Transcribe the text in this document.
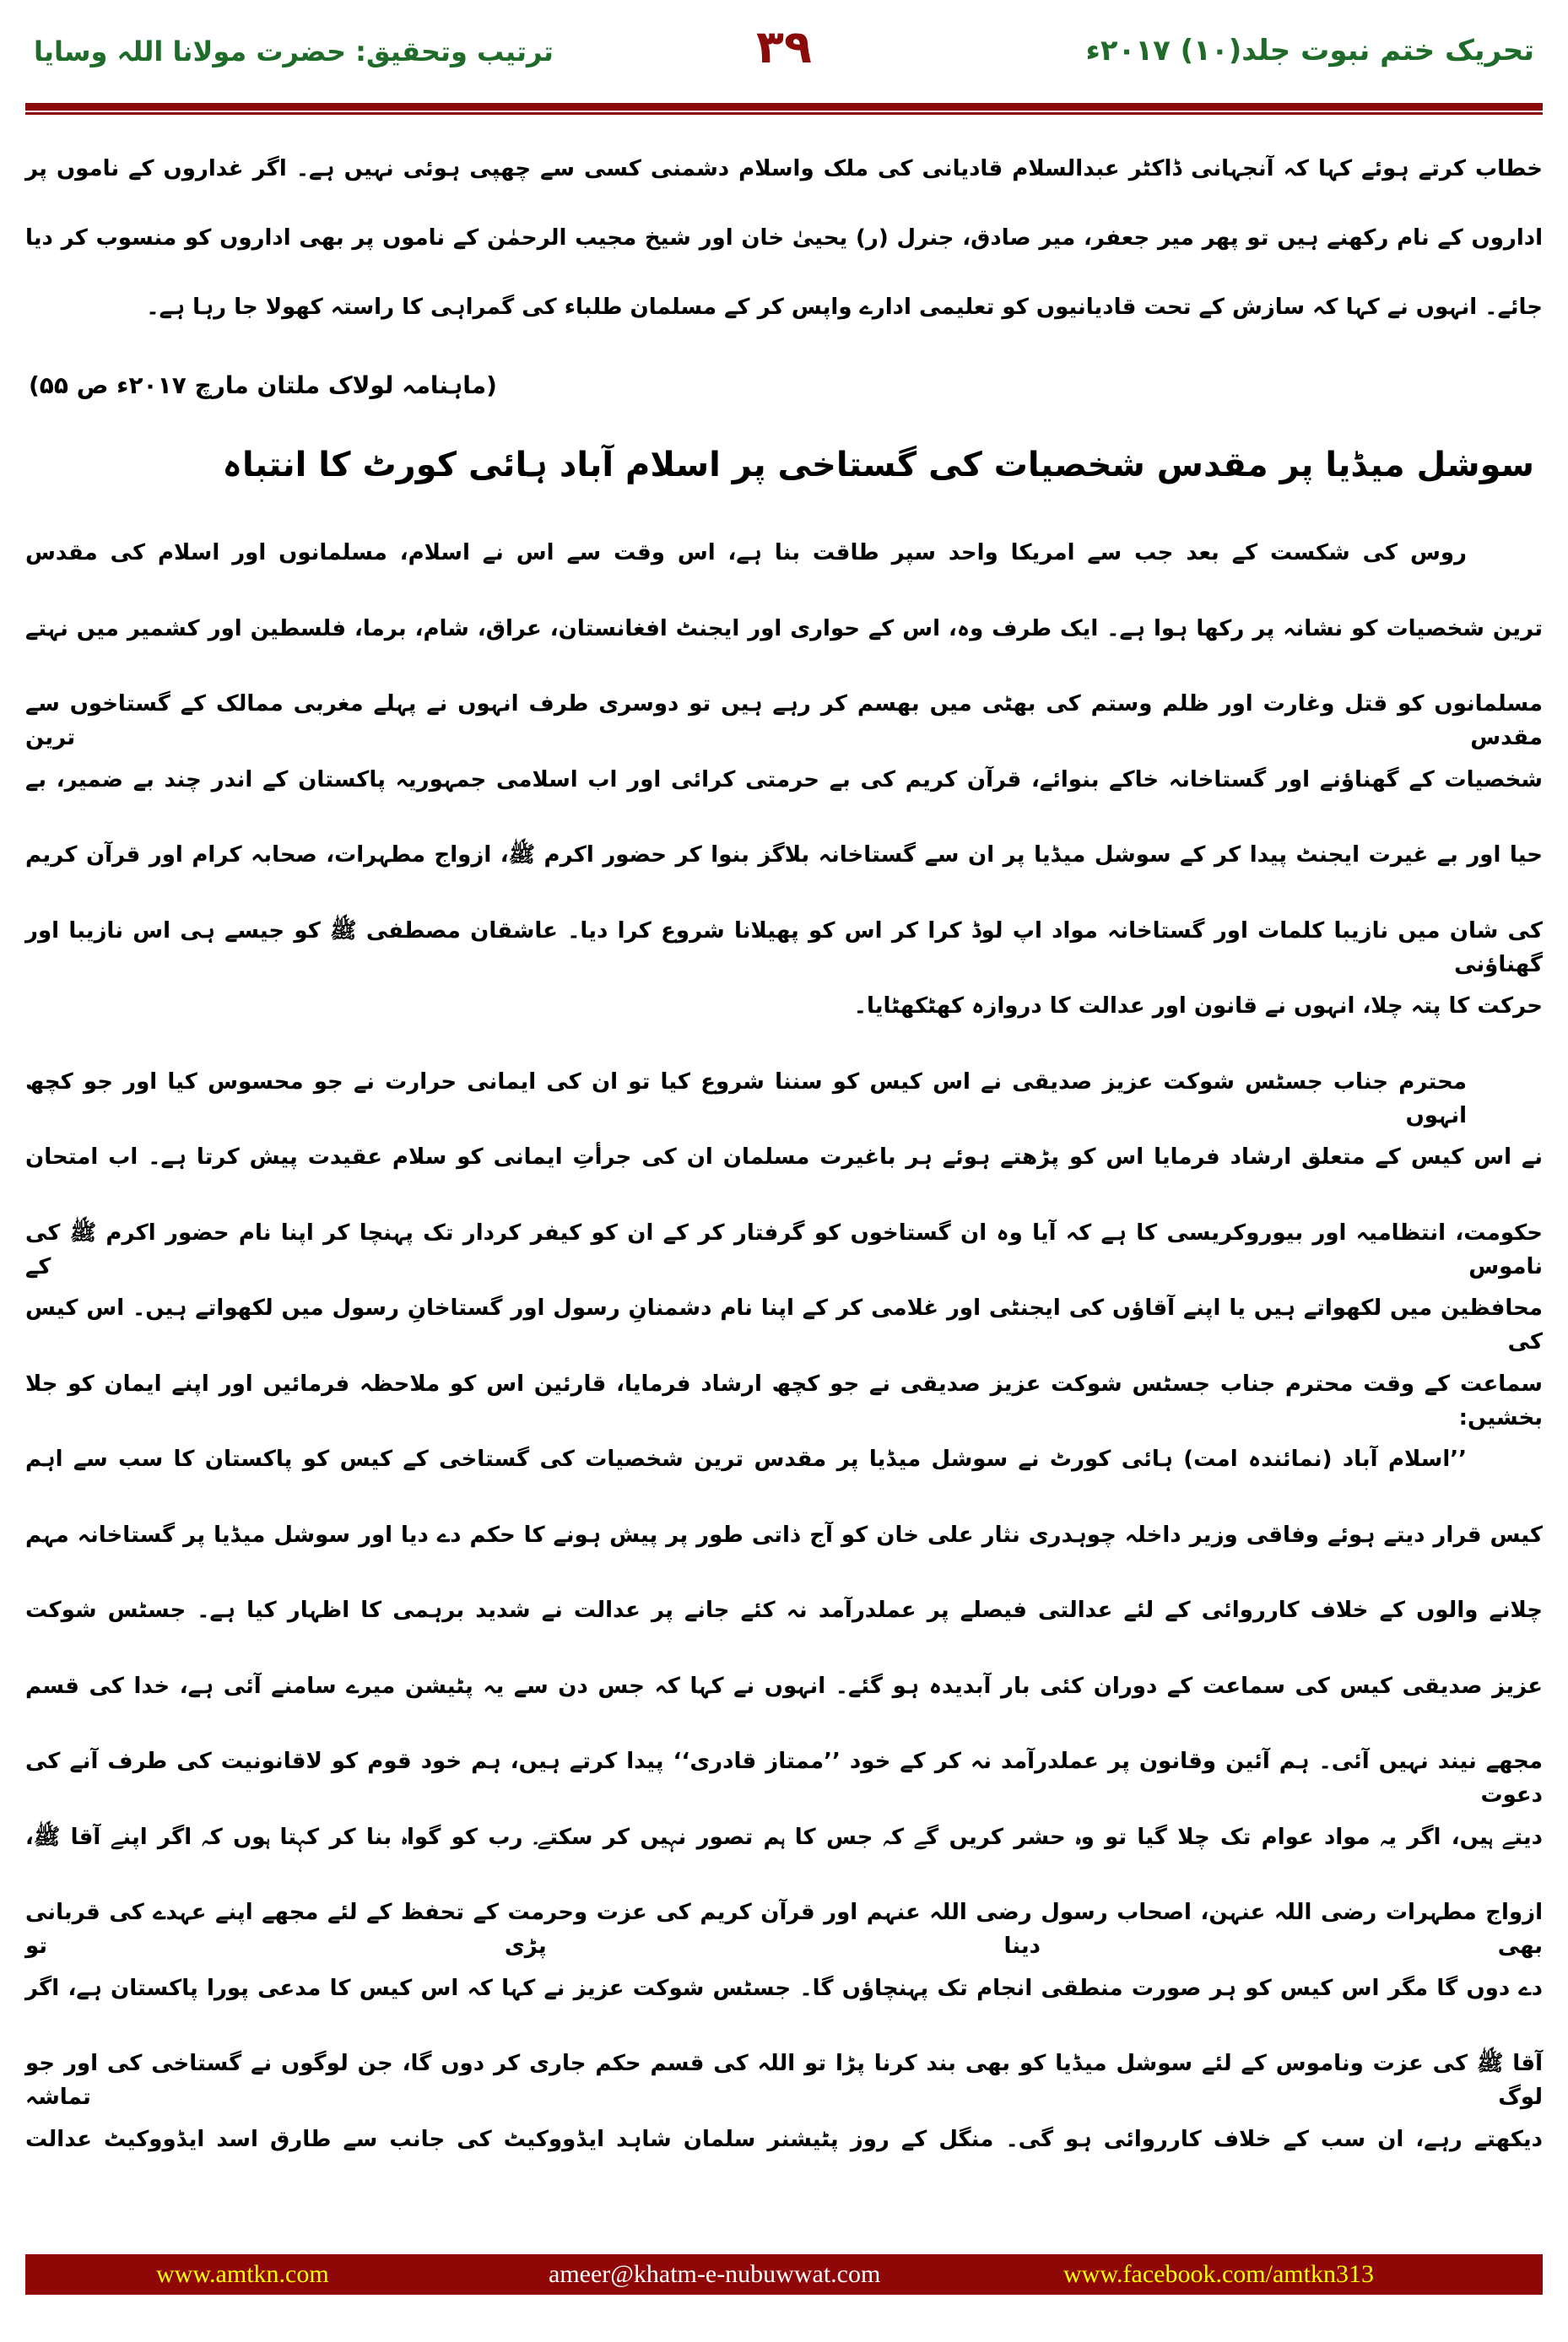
تحریک ختم نبوت جلد(۱۰) ۲۰۱۷ء
۳۹
ترتیب وتحقیق: حضرت مولانا اللہ وسایا
خطاب کرتے ہوئے کہا کہ آنجہانی ڈاکٹر عبدالسلام قادیانی کی ملک واسلام دشمنی کسی سے چھپی ہوئی نہیں ہے۔ اگر غداروں کے ناموں پر
اداروں کے نام رکھنے ہیں تو پھر میر جعفر، میر صادق، جنرل (ر) یحییٰ خان اور شیخ مجیب الرحمٰن کے ناموں پر بھی اداروں کو منسوب کر دیا
جائے۔ انہوں نے کہا کہ سازش کے تحت قادیانیوں کو تعلیمی ادارے واپس کر کے مسلمان طلباء کی گمراہی کا راستہ کھولا جا رہا ہے۔
(ماہنامہ لولاک ملتان مارچ ۲۰۱۷ء ص ۵۵)
سوشل میڈیا پر مقدس شخصیات کی گستاخی پر اسلام آباد ہائی کورٹ کا انتباہ
روس کی شکست کے بعد جب سے امریکا واحد سپر طاقت بنا ہے، اس وقت سے اس نے اسلام، مسلمانوں اور اسلام کی مقدس
ترین شخصیات کو نشانہ پر رکھا ہوا ہے۔ ایک طرف وہ، اس کے حواری اور ایجنٹ افغانستان، عراق، شام، برما، فلسطین اور کشمیر میں نہتے
مسلمانوں کو قتل وغارت اور ظلم وستم کی بھٹی میں بھسم کر رہے ہیں تو دوسری طرف انہوں نے پہلے مغربی ممالک کے گستاخوں سے مقدس ترین
شخصیات کے گھناؤنے اور گستاخانہ خاکے بنوائے، قرآن کریم کی بے حرمتی کرائی اور اب اسلامی جمہوریہ پاکستان کے اندر چند بے ضمیر، بے
حیا اور بے غیرت ایجنٹ پیدا کر کے سوشل میڈیا پر ان سے گستاخانہ بلاگز بنوا کر حضور اکرم ﷺ، ازواج مطہرات، صحابہ کرام اور قرآن کریم
کی شان میں نازیبا کلمات اور گستاخانہ مواد اپ لوڈ کرا کر اس کو پھیلانا شروع کرا دیا۔ عاشقان مصطفی ﷺ کو جیسے ہی اس نازیبا اور گھناؤنی
حرکت کا پتہ چلا، انہوں نے قانون اور عدالت کا دروازہ کھٹکھٹایا۔
محترم جناب جسٹس شوکت عزیز صدیقی نے اس کیس کو سننا شروع کیا تو ان کی ایمانی حرارت نے جو محسوس کیا اور جو کچھ انہوں
نے اس کیس کے متعلق ارشاد فرمایا اس کو پڑھتے ہوئے ہر باغیرت مسلمان ان کی جرأتِ ایمانی کو سلام عقیدت پیش کرتا ہے۔ اب امتحان
حکومت، انتظامیہ اور بیوروکریسی کا ہے کہ آیا وہ ان گستاخوں کو گرفتار کر کے ان کو کیفر کردار تک پہنچا کر اپنا نام حضور اکرم ﷺ کی ناموس کے
محافظین میں لکھواتے ہیں یا اپنے آقاؤں کی ایجنٹی اور غلامی کر کے اپنا نام دشمنانِ رسول اور گستاخانِ رسول میں لکھواتے ہیں۔ اس کیس کی
سماعت کے وقت محترم جناب جسٹس شوکت عزیز صدیقی نے جو کچھ ارشاد فرمایا، قارئین اس کو ملاحظہ فرمائیں اور اپنے ایمان کو جلا بخشیں:
’’اسلام آباد (نمائندہ امت) ہائی کورٹ نے سوشل میڈیا پر مقدس ترین شخصیات کی گستاخی کے کیس کو پاکستان کا سب سے اہم
کیس قرار دیتے ہوئے وفاقی وزیر داخلہ چوہدری نثار علی خان کو آج ذاتی طور پر پیش ہونے کا حکم دے دیا اور سوشل میڈیا پر گستاخانہ مہم
چلانے والوں کے خلاف کارروائی کے لئے عدالتی فیصلے پر عملدرآمد نہ کئے جانے پر عدالت نے شدید برہمی کا اظہار کیا ہے۔ جسٹس شوکت
عزیز صدیقی کیس کی سماعت کے دوران کئی بار آبدیدہ ہو گئے۔ انہوں نے کہا کہ جس دن سے یہ پٹیشن میرے سامنے آئی ہے، خدا کی قسم
مجھے نیند نہیں آئی۔ ہم آئین وقانون پر عملدرآمد نہ کر کے خود ’’ممتاز قادری‘‘ پیدا کرتے ہیں، ہم خود قوم کو لاقانونیت کی طرف آنے کی دعوت
دیتے ہیں، اگر یہ مواد عوام تک چلا گیا تو وہ حشر کریں گے کہ جس کا ہم تصور نہیں کر سکتے۔ رب کو گواہ بنا کر کہتا ہوں کہ اگر اپنے آقا ﷺ،
ازواج مطہرات رضی اللہ عنہن، اصحاب رسول رضی اللہ عنہم اور قرآن کریم کی عزت وحرمت کے تحفظ کے لئے مجھے اپنے عہدے کی قربانی بھی دینا پڑی تو
دے دوں گا مگر اس کیس کو ہر صورت منطقی انجام تک پہنچاؤں گا۔ جسٹس شوکت عزیز نے کہا کہ اس کیس کا مدعی پورا پاکستان ہے، اگر
آقا ﷺ کی عزت وناموس کے لئے سوشل میڈیا کو بھی بند کرنا پڑا تو اللہ کی قسم حکم جاری کر دوں گا، جن لوگوں نے گستاخی کی اور جو لوگ تماشہ
دیکھتے رہے، ان سب کے خلاف کارروائی ہو گی۔ منگل کے روز پٹیشنر سلمان شاہد ایڈووکیٹ کی جانب سے طارق اسد ایڈووکیٹ عدالت
www.amtkn.com	ameer@khatm-e-nubuwwat.com	www.facebook.com/amtkn313
